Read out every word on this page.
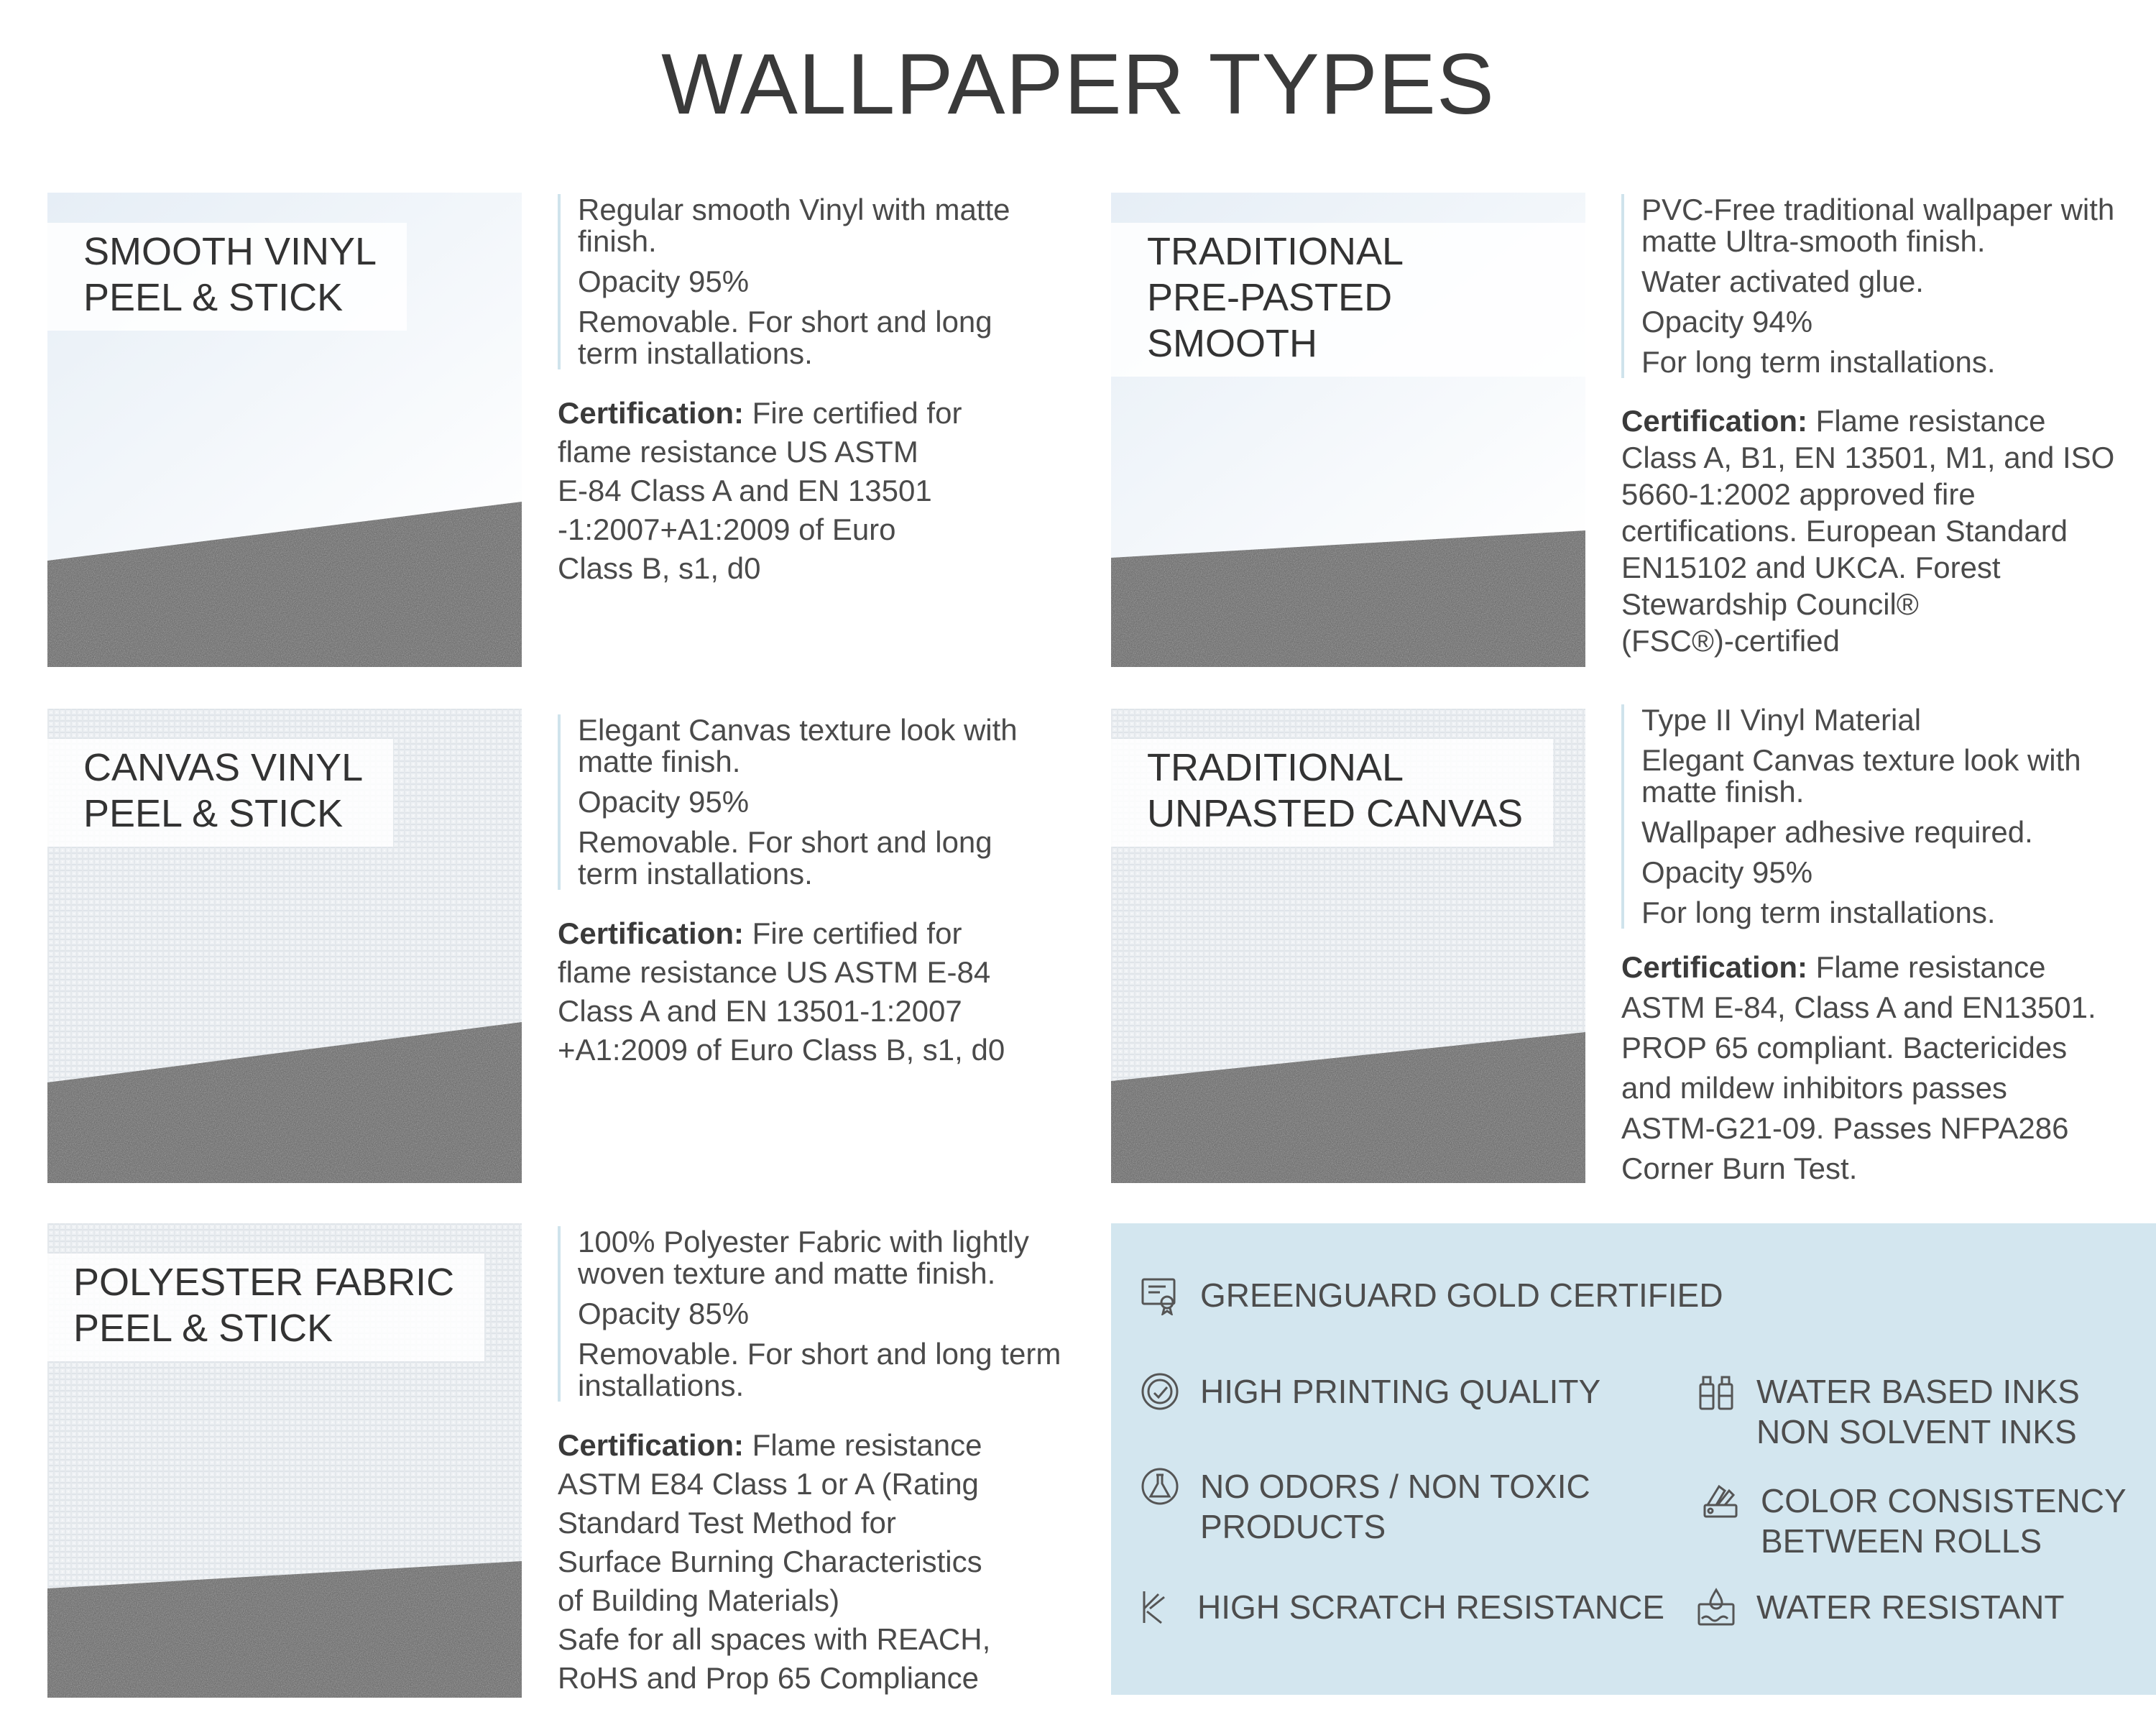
WALLPAPER TYPES
SMOOTH VINYL
PEEL & STICK

Regular smooth Vinyl with matte finish.

Opacity 95%

Removable. For short and long term installations.

Certification: Fire certified for

flame resistance US ASTM

E-84 Class A and EN 13501

-1:2007+A1:2009 of Euro

Class B, s1, d0

TRADITIONAL
PRE-PASTED SMOOTH

PVC-Free traditional wallpaper with matte Ultra-smooth finish.

Water activated glue.

Opacity 94%

For long term installations.

Certification: Flame resistance

Class A, B1, EN 13501, M1, and ISO

5660-1:2002 approved fire

certifications. European Standard

EN15102 and UKCA. Forest

Stewardship Council®

(FSC®)-certified

CANVAS VINYL
PEEL & STICK

Elegant Canvas texture look with matte finish.

Opacity 95%

Removable. For short and long term installations.

Certification: Fire certified for

flame resistance US ASTM E-84

Class A and EN 13501-1:2007

+A1:2009 of Euro Class B, s1, d0

TRADITIONAL
UNPASTED CANVAS

Type II Vinyl Material

Elegant Canvas texture look with matte finish.

Wallpaper adhesive required.

Opacity 95%

For long term installations.

Certification: Flame resistance

ASTM E-84, Class A and EN13501.

PROP 65 compliant. Bactericides

and mildew inhibitors passes

ASTM-G21-09. Passes NFPA286

Corner Burn Test.

POLYESTER FABRIC
PEEL & STICK

100% Polyester Fabric with lightly woven texture and matte finish.

Opacity 85%

Removable. For short and long term installations.

Certification: Flame resistance

ASTM E84 Class 1 or A (Rating

Standard Test Method for

Surface Burning Characteristics

of Building Materials)

Safe for all spaces with REACH,

RoHS and Prop 65 Compliance

GREENGUARD GOLD CERTIFIED
HIGH PRINTING QUALITY	WATER BASED INKS
NON SOLVENT INKS
NO ODORS / NON TOXIC
PRODUCTS
COLOR CONSISTENCY
BETWEEN ROLLS
HIGH SCRATCH RESISTANCE	WATER RESISTANT
